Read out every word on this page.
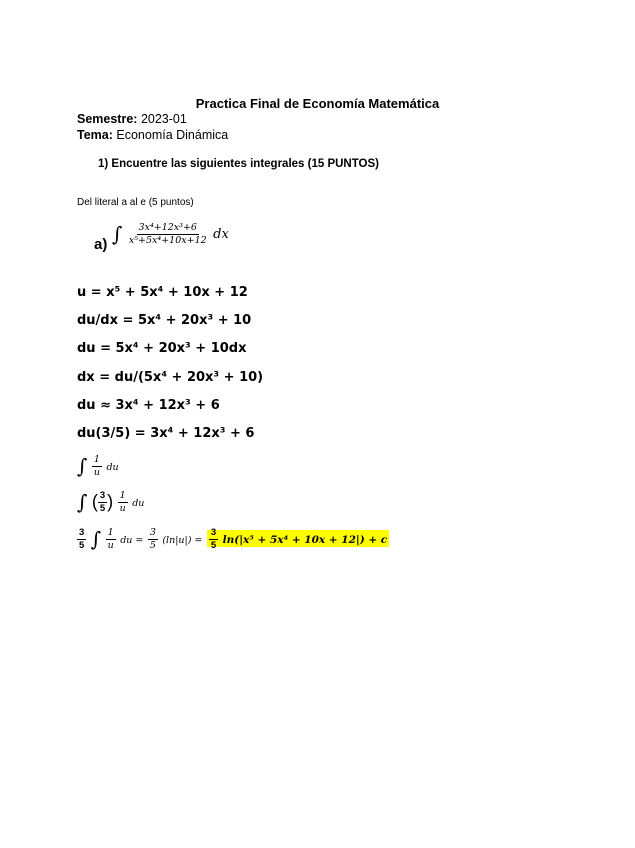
Practica Final de Economía Matemática
Semestre: 2023-01
Tema: Economía Dinámica
1) Encuentre las siguientes integrales (15 PUNTOS)
Del literal a al e (5 puntos)
a) ∫ $\frac{\text{3x⁴+12x³+6}}{\text{x⁵+5x⁴+10x+12}}$ dx
u = x⁵ + 5x⁴ + 10x + 12
du/dx = 5x⁴ + 20x³ + 10
du = 5x⁴ + 20x³ + 10dx
dx = du/(5x⁴ + 20x³ + 10)
du ≈ 3x⁴ + 12x³ + 6
du(3/5) = 3x⁴ + 12x³ + 6
∫ $\frac{1}{u}$ du
∫ ( $\frac{3}{5}$ ) $\frac{1}{u}$ du
$\frac{3}{5}$ ∫ $\frac{1}{u}$ du = $\frac{3}{5} (\ln|u|) = \frac{3}{5} \ln(|x^5 + 5x^4 + 10x + 12|) + c$
